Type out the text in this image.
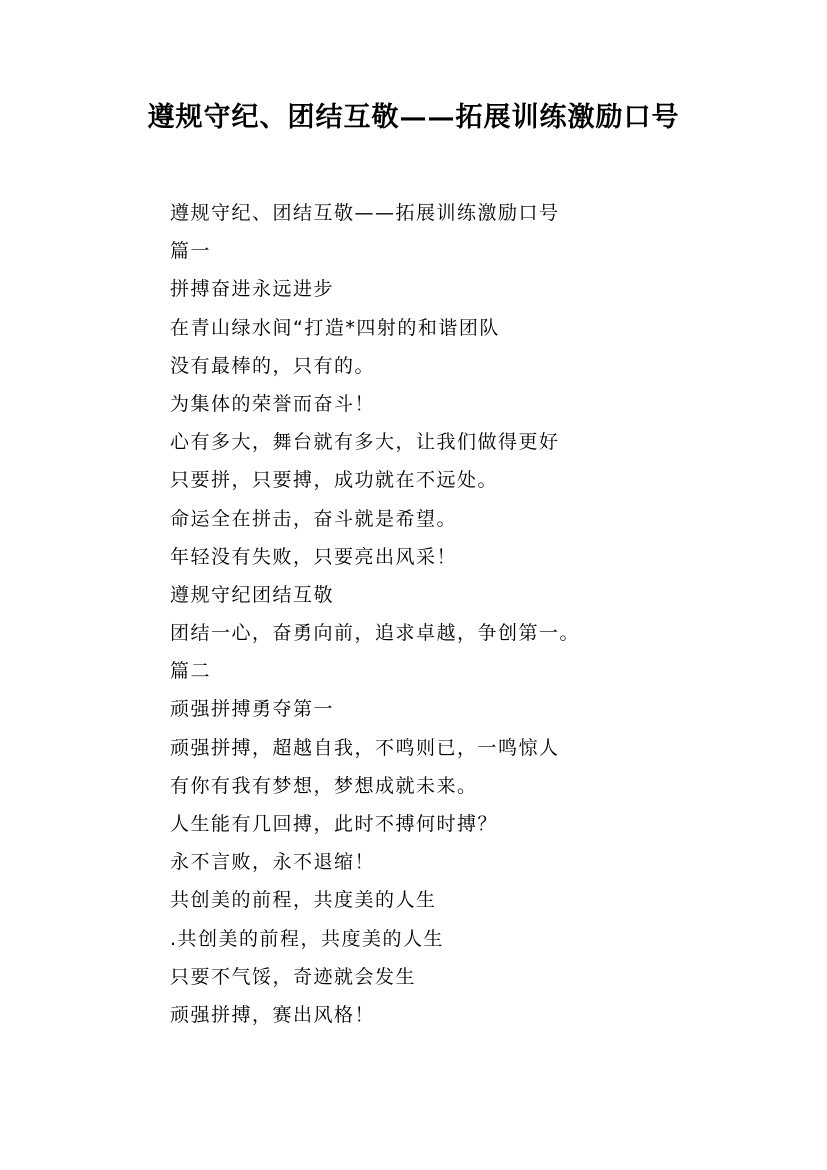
遵规守纪、团结互敬——拓展训练激励口号
遵规守纪、团结互敬——拓展训练激励口号
篇一
拼搏奋进永远进步
在青山绿水间“打造*四射的和谐团队
没有最棒的，只有的。
为集体的荣誉而奋斗！
心有多大，舞台就有多大，让我们做得更好
只要拼，只要搏，成功就在不远处。
命运全在拼击，奋斗就是希望。
年轻没有失败，只要亮出风采！
遵规守纪团结互敬
团结一心，奋勇向前，追求卓越，争创第一。
篇二
顽强拼搏勇夺第一
顽强拼搏，超越自我，不鸣则已，一鸣惊人
有你有我有梦想，梦想成就未来。
人生能有几回搏，此时不搏何时搏？
永不言败，永不退缩！
共创美的前程，共度美的人生
.共创美的前程，共度美的人生
只要不气馁，奇迹就会发生
顽强拼搏，赛出风格！
